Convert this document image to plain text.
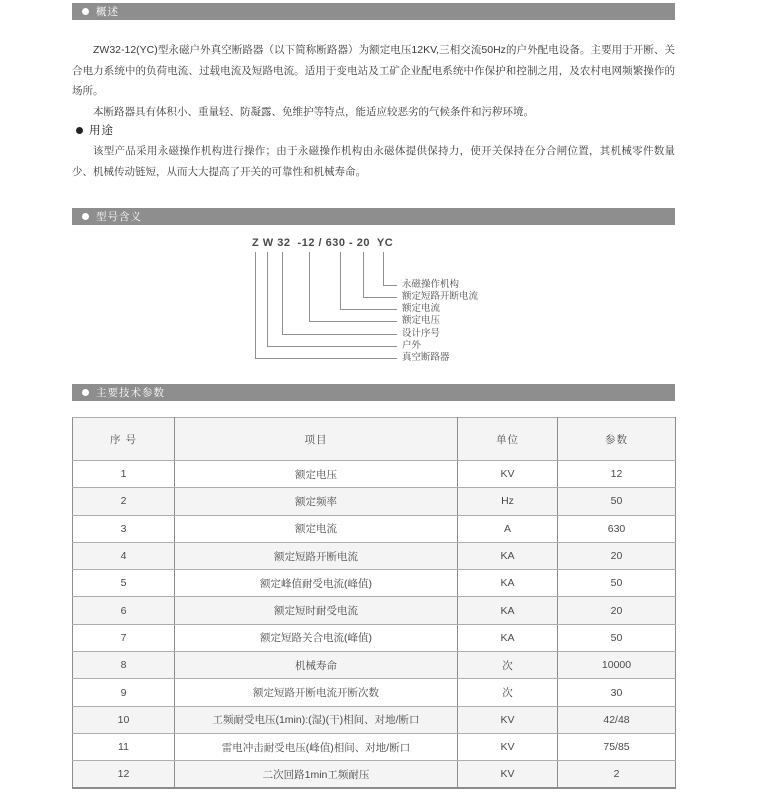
概述

ZW32-12(YC)型永磁户外真空断路器（以下简称断路器）为额定电压12KV,三相交流50Hz的户外配电设备。主要用于开断、关合电力系统中的负荷电流、过载电流及短路电流。适用于变电站及工矿企业配电系统中作保护和控制之用，及农村电网频繁操作的场所。

本断路器具有体积小、重量轻、防凝露、免维护等特点，能适应较恶劣的气候条件和污秽环境。

用途

该型产品采用永磁操作机构进行操作；由于永磁操作机构由永磁体提供保持力，使开关保持在分合闸位置，其机械零件数量少、机械传动链短，从而大大提高了开关的可靠性和机械寿命。

型号含义
Z W 32  -12 / 630 - 20  YC
永磁操作机构
额定短路开断电流
额定电流
额定电压
设计序号
户外
真空断路器
主要技术参数
序 号	项目	单位	参数
1	额定电压	KV	12
2	额定频率	Hz	50
3	额定电流	A	630
4	额定短路开断电流	KA	20
5	额定峰值耐受电流(峰值)	KA	50
6	额定短时耐受电流	KA	20
7	额定短路关合电流(峰值)	KA	50
8	机械寿命	次	10000
9	额定短路开断电流开断次数	次	30
10	工频耐受电压(1min):(湿)(干)相间、对地/断口	KV	42/48
11	雷电冲击耐受电压(峰值)相间、对地/断口	KV	75/85
12	二次回路1min工频耐压	KV	2
